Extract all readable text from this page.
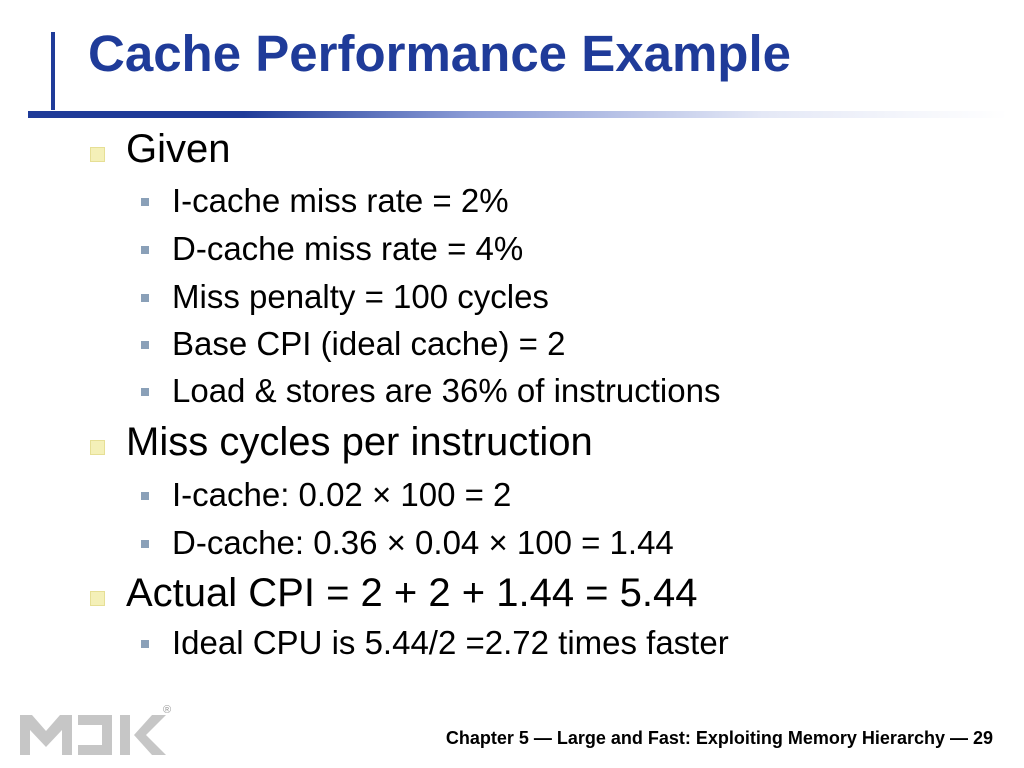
Cache Performance Example
Given
I-cache miss rate = 2%
D-cache miss rate = 4%
Miss penalty = 100 cycles
Base CPI (ideal cache) = 2
Load & stores are 36% of instructions
Miss cycles per instruction
I-cache: 0.02 × 100 = 2
D-cache: 0.36 × 0.04 × 100 = 1.44
Actual CPI = 2 + 2 + 1.44 = 5.44
Ideal CPU is 5.44/2 =2.72 times faster
®
Chapter 5 — Large and Fast: Exploiting Memory Hierarchy — 29
